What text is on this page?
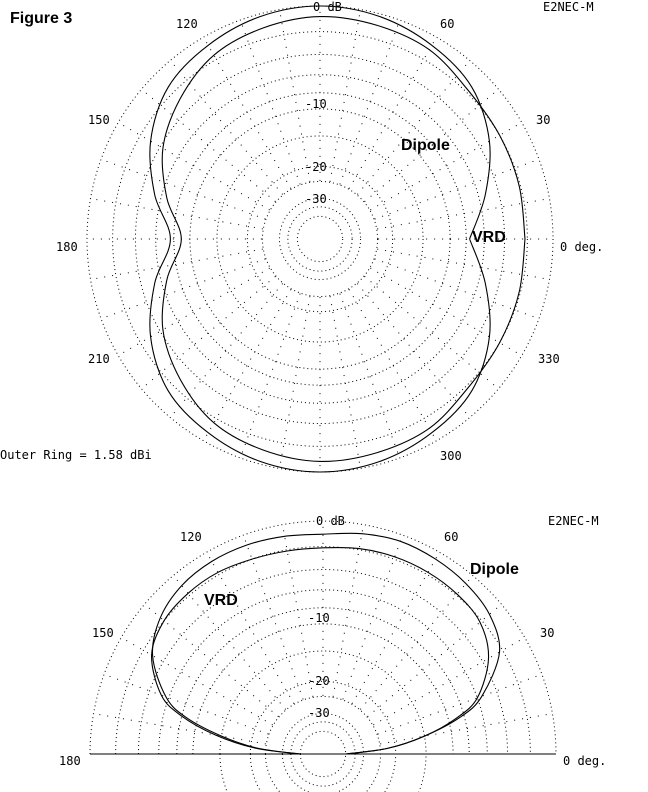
Figure 3
E2NEC-M
Outer Ring = 1.58 dBi
0 deg.
30
60
120
150
180
210
300
330
0 dB
-10
-20
-30
Dipole
VRD
E2NEC-M
0 deg.
30
60
120
150
180
0 dB
-10
-20
-30
Dipole
VRD
